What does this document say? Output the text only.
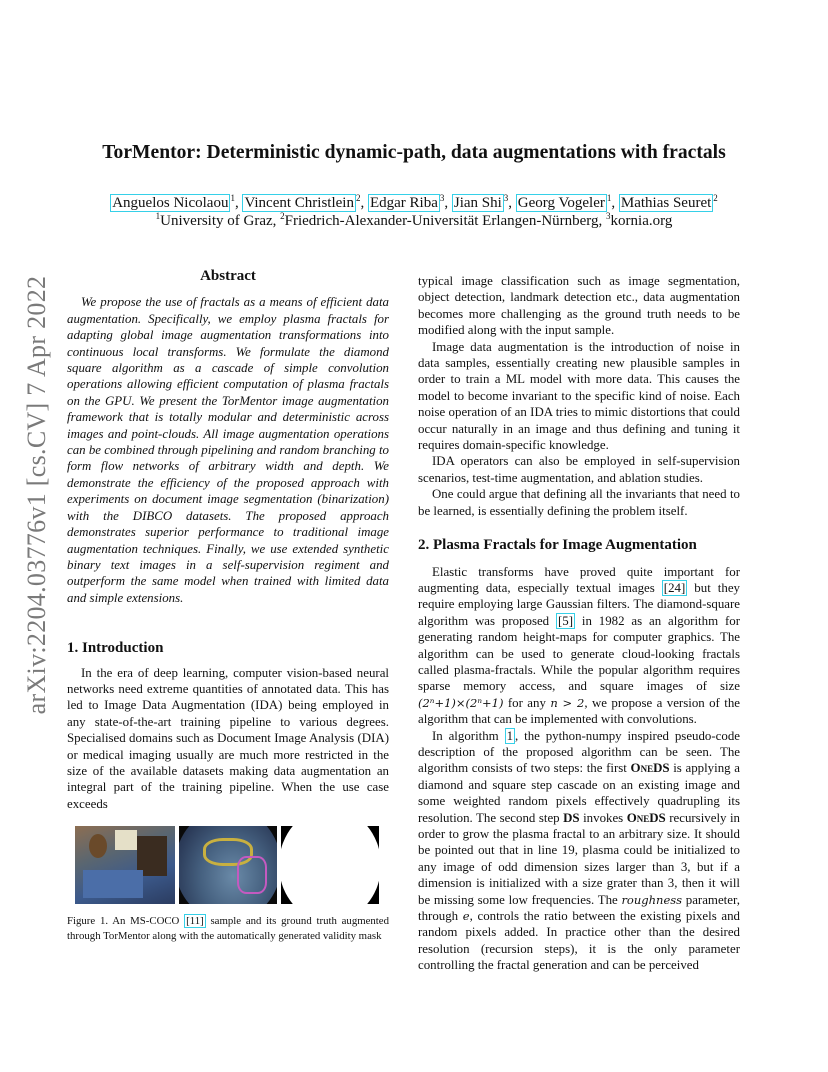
arXiv:2204.03776v1 [cs.CV] 7 Apr 2022
TorMentor: Deterministic dynamic-path, data augmentations with fractals
Anguelos Nicolaou $^1$, Vincent Christlein $^2$, Edgar Riba $^3$, Jian Shi $^3$, Georg Vogeler $^1$, Mathias Seuret $^2$
$^1$University of Graz, $^2$Friedrich-Alexander-Universität Erlangen-Nürnberg, $^3$kornia.org
Abstract

We propose the use of fractals as a means of efficient data augmentation. Specifically, we employ plasma fractals for adapting global image augmentation transformations into continuous local transforms. We formulate the diamond square algorithm as a cascade of simple convolution operations allowing efficient computation of plasma fractals on the GPU. We present the TorMentor image augmentation framework that is totally modular and deterministic across images and point-clouds. All image augmentation operations can be combined through pipelining and random branching to form flow networks of arbitrary width and depth. We demonstrate the efficiency of the proposed approach with experiments on document image segmentation (binarization) with the DIBCO datasets. The proposed approach demonstrates superior performance to traditional image augmentation techniques. Finally, we use extended synthetic binary text images in a self-supervision regiment and outperform the same model when trained with limited data and simple extensions.

1. Introduction

In the era of deep learning, computer vision-based neural networks need extreme quantities of annotated data. This has led to Image Data Augmentation (IDA) being employed in any state-of-the-art training pipeline to various degrees. Specialised domains such as Document Image Analysis (DIA) or medical imaging usually are much more restricted in the size of the available datasets making data augmentation an integral part of the training pipeline. When the use case exceeds

Figure 1. An MS-COCO [11] sample and its ground truth augmented through TorMentor along with the automatically generated validity mask

typical image classification such as image segmentation, object detection, landmark detection etc., data augmentation becomes more challenging as the ground truth needs to be modified along with the input sample.

Image data augmentation is the introduction of noise in data samples, essentially creating new plausible samples in order to train a ML model with more data. This causes the model to become invariant to the specific kind of noise. Each noise operation of an IDA tries to mimic distortions that could occur naturally in an image and thus defining and tuning it requires domain-specific knowledge.

IDA operators can also be employed in self-supervision scenarios, test-time augmentation, and ablation studies.

One could argue that defining all the invariants that need to be learned, is essentially defining the problem itself.

2. Plasma Fractals for Image Augmentation

Elastic transforms have proved quite important for augmenting data, especially textual images [24] but they require employing large Gaussian filters. The diamond-square algorithm was proposed [5] in 1982 as an algorithm for generating random height-maps for computer graphics. The algorithm can be used to generate cloud-looking fractals called plasma-fractals. While the popular algorithm requires sparse memory access, and square images of size (2ⁿ+1)×(2ⁿ+1) for any n > 2, we propose a version of the algorithm that can be implemented with convolutions.

In algorithm 1 , the python-numpy inspired pseudo-code description of the proposed algorithm can be seen. The algorithm consists of two steps: the first OneDS is applying a diamond and square step cascade on an existing image and some weighted random pixels effectively quadrupling its resolution. The second step DS invokes OneDS recursively in order to grow the plasma fractal to an arbitrary size. It should be pointed out that in line 19, plasma could be initialized to any image of odd dimension sizes larger than 3, but if a dimension is initialized with a size grater than 3, then it will be missing some low frequencies. The roughness parameter, through e, controls the ratio between the existing pixels and random pixels added. In practice other than the desired resolution (recursion steps), it is the only parameter controlling the fractal generation and can be perceived
